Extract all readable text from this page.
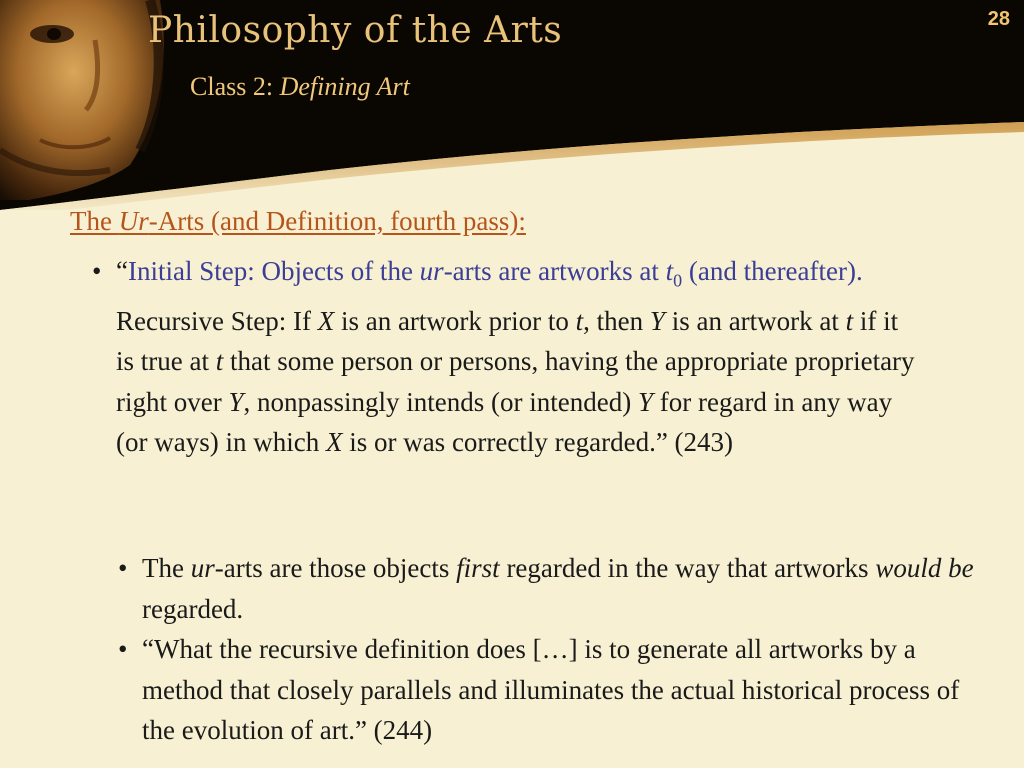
Philosophy of the Arts
Class 2: Defining Art
28
The Ur-Arts (and Definition, fourth pass):
• “Initial Step: Objects of the ur-arts are artworks at $t_0$ (and thereafter). Recursive Step: If X is an artwork prior to t, then Y is an artwork at t if it is true at t that some person or persons, having the appropriate proprietary right over Y, nonpassingly intends (or intended) Y for regard in any way (or ways) in which X is or was correctly regarded.” (243)
• The ur-arts are those objects first regarded in the way that artworks would be regarded.
• “What the recursive definition does […] is to generate all artworks by a method that closely parallels and illuminates the actual historical process of the evolution of art.” (244)
